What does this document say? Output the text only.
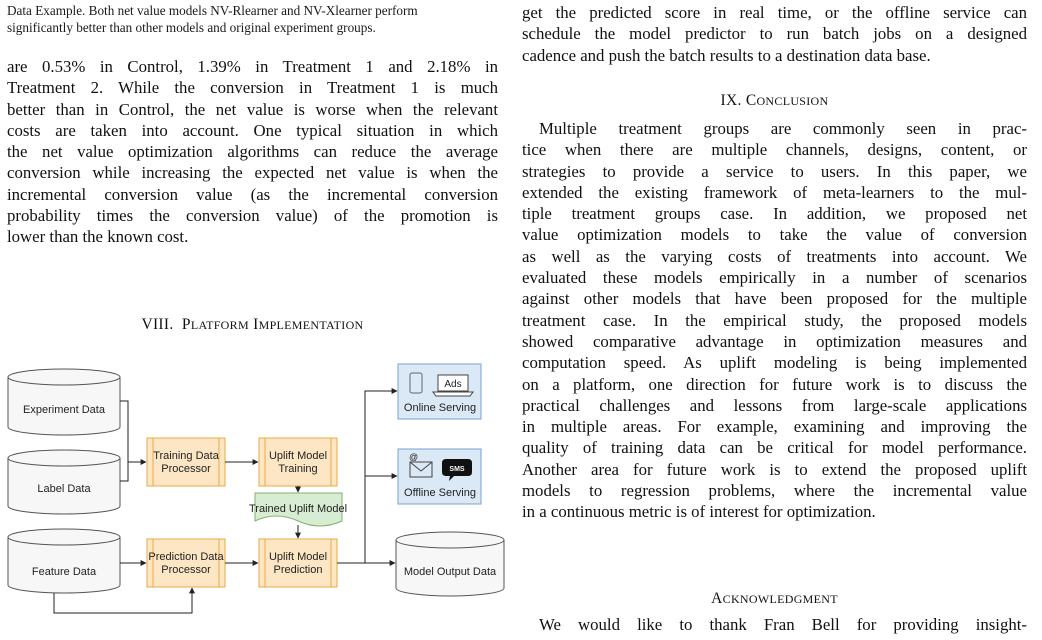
Data Example. Both net value models NV-Rlearner and NV-Xlearner perform
significantly better than other models and original experiment groups.
are 0.53% in Control, 1.39% in Treatment 1 and 2.18% in
Treatment 2. While the conversion in Treatment 1 is much
better than in Control, the net value is worse when the relevant
costs are taken into account. One typical situation in which
the net value optimization algorithms can reduce the average
conversion while increasing the expected net value is when the
incremental conversion value (as the incremental conversion
probability times the conversion value) of the promotion is
lower than the known cost.
VIII. PLATFORM IMPLEMENTATION
Experiment Data
Label Data
Feature Data	Model Output Data
Training Data
Processor
Uplift Model
Training
Prediction Data
Processor
Uplift Model
Prediction
Trained Uplift Model
Ads
Online Serving
@
SMS
Offline Serving
get the predicted score in real time, or the offline service can
schedule the model predictor to run batch jobs on a designed
cadence and push the batch results to a destination data base.
IX. CONCLUSION
Multiple treatment groups are commonly seen in prac-
tice when there are multiple channels, designs, content, or
strategies to provide a service to users. In this paper, we
extended the existing framework of meta-learners to the mul-
tiple treatment groups case. In addition, we proposed net
value optimization models to take the value of conversion
as well as the varying costs of treatments into account. We
evaluated these models empirically in a number of scenarios
against other models that have been proposed for the multiple
treatment case. In the empirical study, the proposed models
showed comparative advantage in optimization measures and
computation speed. As uplift modeling is being implemented
on a platform, one direction for future work is to discuss the
practical challenges and lessons from large-scale applications
in multiple areas. For example, examining and improving the
quality of training data can be critical for model performance.
Another area for future work is to extend the proposed uplift
models to regression problems, where the incremental value
in a continuous metric is of interest for optimization.
ACKNOWLEDGMENT
We would like to thank Fran Bell for providing insight-
